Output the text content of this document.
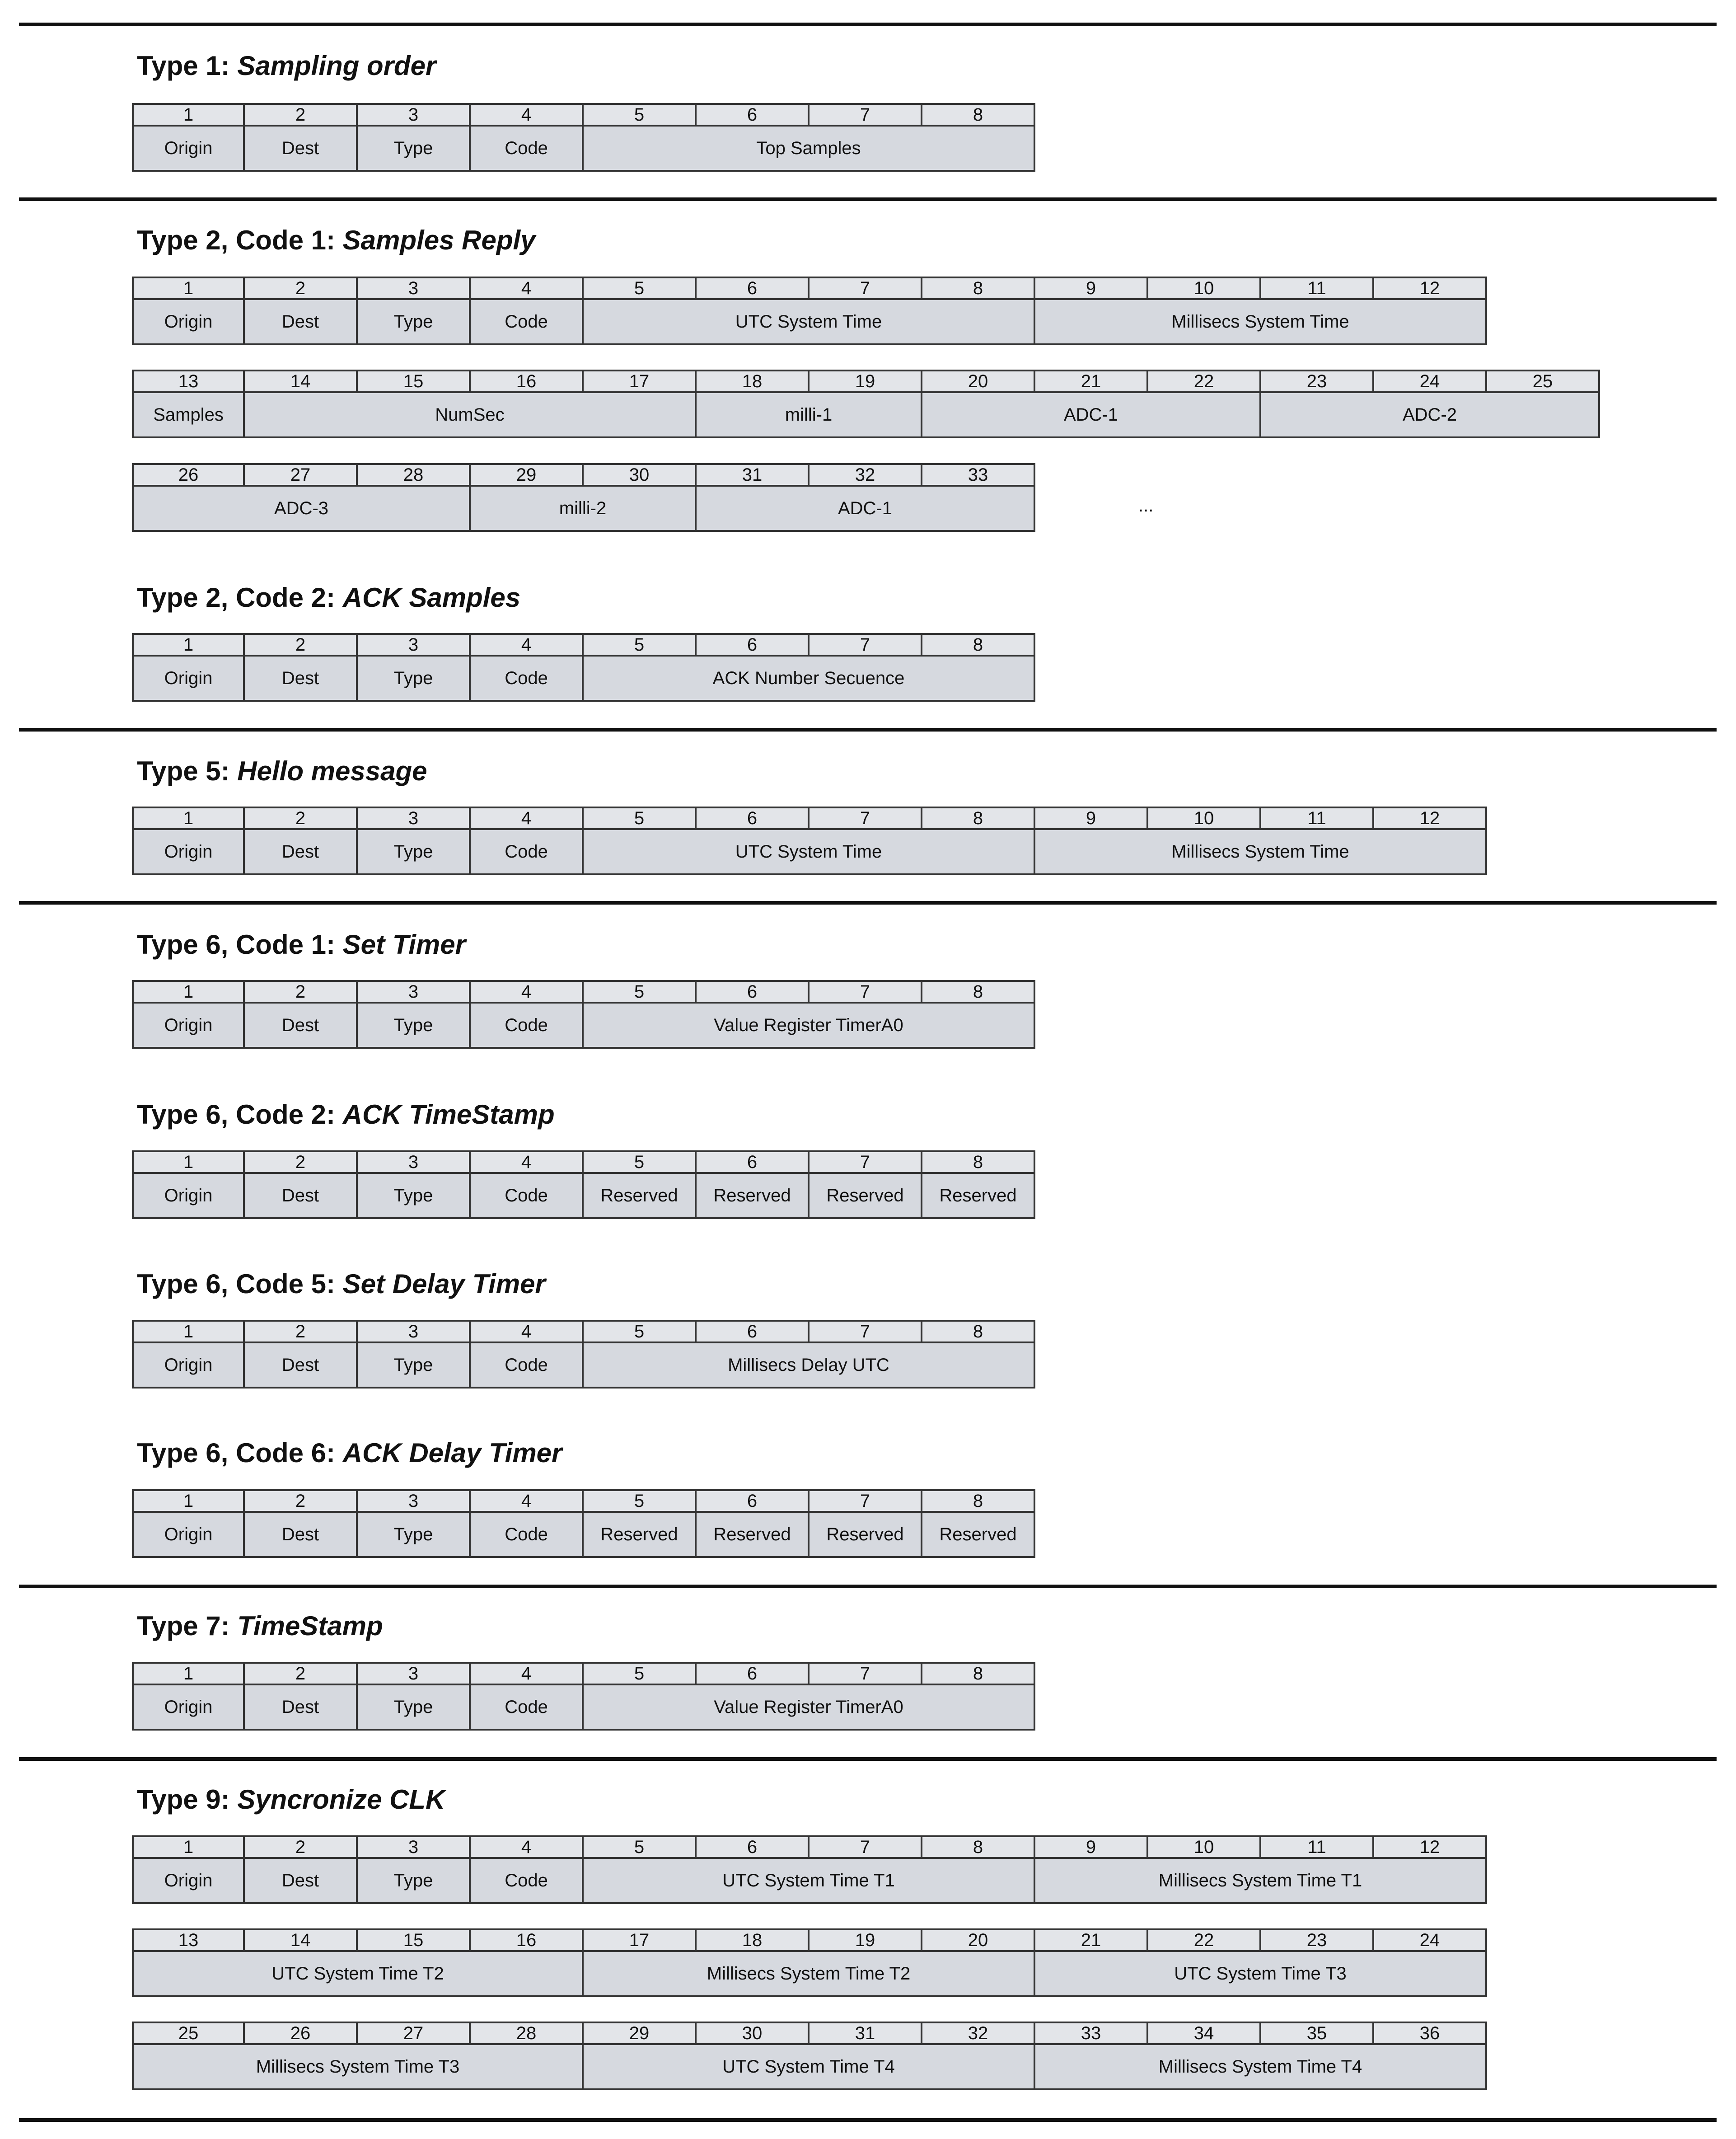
Type 1: Sampling order
1	2	3	4	5	6	7	8
Origin	Dest	Type	Code	Top Samples
Type 2, Code 1: Samples Reply
1	2	3	4	5	6	7	8	9	10	11	12
Origin	Dest	Type	Code	UTC System Time	Millisecs System Time
13	14	15	16	17	18	19	20	21	22	23	24	25
Samples	NumSec	milli-1	ADC-1	ADC-2
26	27	28	29	30	31	32	33
ADC-3	milli-2	ADC-1	...
Type 2, Code 2: ACK Samples
1	2	3	4	5	6	7	8
Origin	Dest	Type	Code	ACK Number Secuence
Type 5: Hello message
1	2	3	4	5	6	7	8	9	10	11	12
Origin	Dest	Type	Code	UTC System Time	Millisecs System Time
Type 6, Code 1: Set Timer
1	2	3	4	5	6	7	8
Origin	Dest	Type	Code	Value Register TimerA0
Type 6, Code 2: ACK TimeStamp
1	2	3	4	5	6	7	8
Origin	Dest	Type	Code	Reserved	Reserved	Reserved	Reserved
Type 6, Code 5: Set Delay Timer
1	2	3	4	5	6	7	8
Origin	Dest	Type	Code	Millisecs Delay UTC
Type 6, Code 6: ACK Delay Timer
1	2	3	4	5	6	7	8
Origin	Dest	Type	Code	Reserved	Reserved	Reserved	Reserved
Type 7: TimeStamp
1	2	3	4	5	6	7	8
Origin	Dest	Type	Code	Value Register TimerA0
Type 9: Syncronize CLK
1	2	3	4	5	6	7	8	9	10	11	12
Origin	Dest	Type	Code	UTC System Time T1	Millisecs System Time T1
13	14	15	16	17	18	19	20	21	22	23	24
UTC System Time T2	Millisecs System Time T2	UTC System Time T3
25	26	27	28	29	30	31	32	33	34	35	36
Millisecs System Time T3	UTC System Time T4	Millisecs System Time T4
